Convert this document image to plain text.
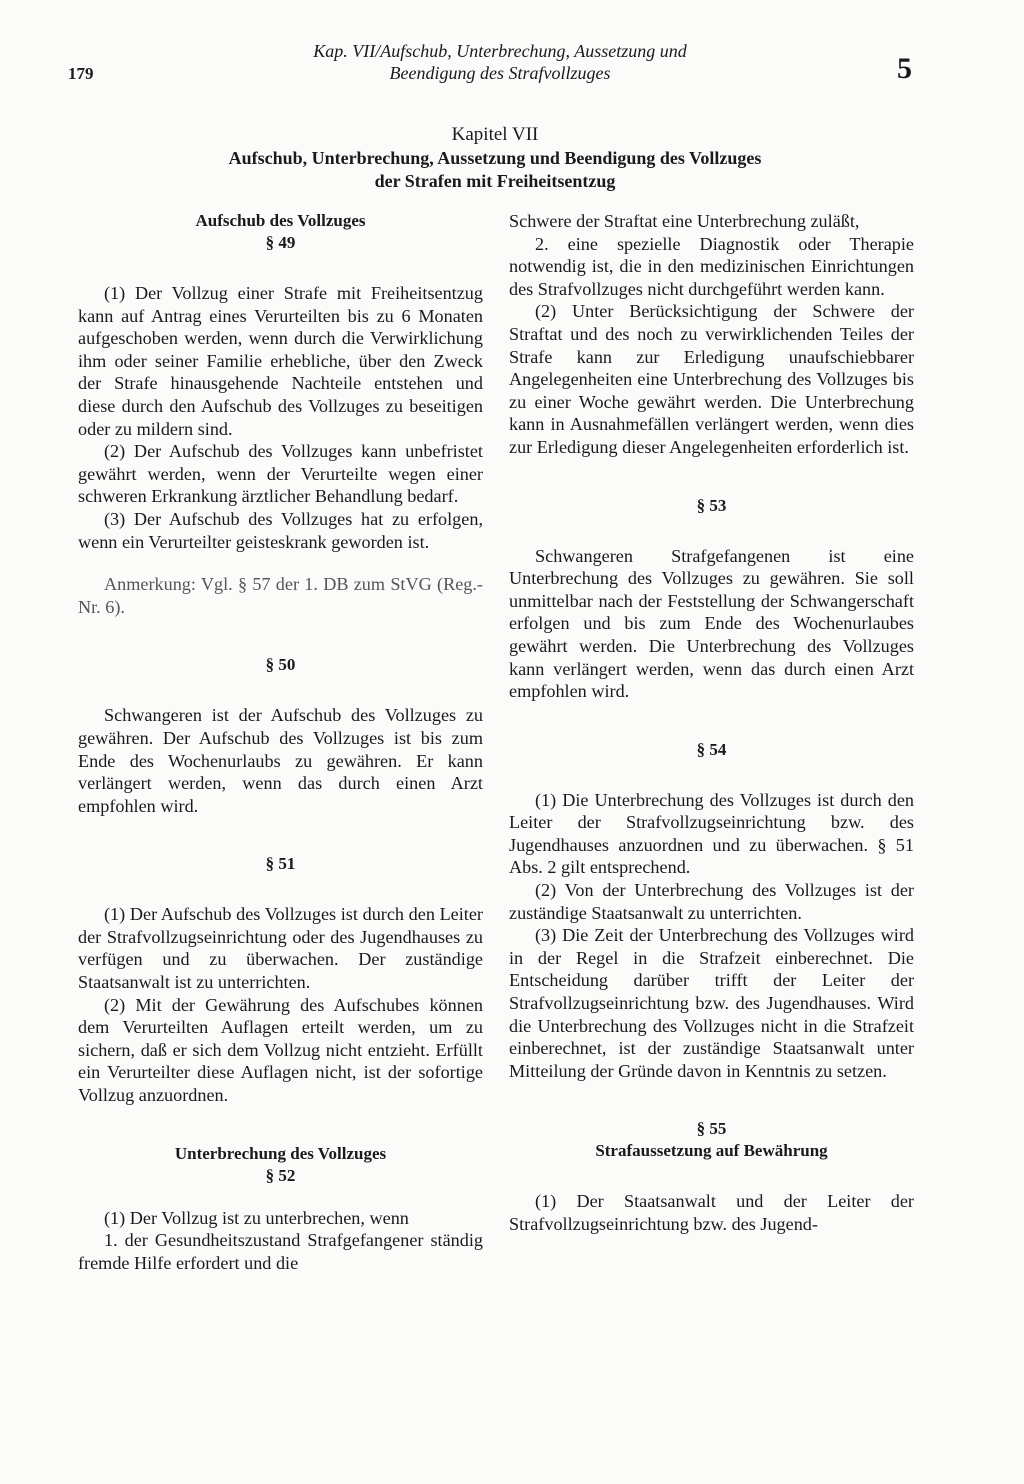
179
Kap. VII/Aufschub, Unterbrechung, Aussetzung und
Beendigung des Strafvollzuges	5
Kapitel VII
Aufschub, Unterbrechung, Aussetzung und Beendigung des Vollzuges
der Strafen mit Freiheitsentzug
Aufschub des Vollzuges
§ 49

(1) Der Vollzug einer Strafe mit Freiheitsentzug kann auf Antrag eines Verurteilten bis zu 6 Monaten aufgeschoben werden, wenn durch die Verwirklichung ihm oder seiner Familie erhebliche, über den Zweck der Strafe hinausgehende Nachteile entstehen und diese durch den Aufschub des Vollzuges zu beseitigen oder zu mildern sind.

(2) Der Aufschub des Vollzuges kann unbefristet gewährt werden, wenn der Verurteilte wegen einer schweren Erkrankung ärztlicher Behandlung bedarf.

(3) Der Aufschub des Vollzuges hat zu erfolgen, wenn ein Verurteilter geisteskrank geworden ist.

Anmerkung: Vgl. § 57 der 1. DB zum StVG (Reg.-Nr. 6).

§ 50

Schwangeren ist der Aufschub des Vollzuges zu gewähren. Der Aufschub des Vollzuges ist bis zum Ende des Wochenurlaubs zu gewähren. Er kann verlängert werden, wenn das durch einen Arzt empfohlen wird.

§ 51

(1) Der Aufschub des Vollzuges ist durch den Leiter der Strafvollzugseinrichtung oder des Jugendhauses zu verfügen und zu überwachen. Der zuständige Staatsanwalt ist zu unterrichten.

(2) Mit der Gewährung des Aufschubes können dem Verurteilten Auflagen erteilt werden, um zu sichern, daß er sich dem Vollzug nicht entzieht. Erfüllt ein Verurteilter diese Auflagen nicht, ist der sofortige Vollzug anzuordnen.

Unterbrechung des Vollzuges
§ 52

(1) Der Vollzug ist zu unterbrechen, wenn

1. der Gesundheitszustand Strafgefangener ständig fremde Hilfe erfordert und die

Schwere der Straftat eine Unterbrechung zuläßt,

2. eine spezielle Diagnostik oder Therapie notwendig ist, die in den medizinischen Einrichtungen des Strafvollzuges nicht durchgeführt werden kann.

(2) Unter Berücksichtigung der Schwere der Straftat und des noch zu verwirklichenden Teiles der Strafe kann zur Erledigung unaufschiebbarer Angelegenheiten eine Unterbrechung des Vollzuges bis zu einer Woche gewährt werden. Die Unterbrechung kann in Ausnahmefällen verlängert werden, wenn dies zur Erledigung dieser Angelegenheiten erforderlich ist.

§ 53

Schwangeren Strafgefangenen ist eine Unterbrechung des Vollzuges zu gewähren. Sie soll unmittelbar nach der Feststellung der Schwangerschaft erfolgen und bis zum Ende des Wochenurlaubes gewährt werden. Die Unterbrechung des Vollzuges kann verlängert werden, wenn das durch einen Arzt empfohlen wird.

§ 54

(1) Die Unterbrechung des Vollzuges ist durch den Leiter der Strafvollzugseinrichtung bzw. des Jugendhauses anzuordnen und zu überwachen. § 51 Abs. 2 gilt entsprechend.

(2) Von der Unterbrechung des Vollzuges ist der zuständige Staatsanwalt zu unterrichten.

(3) Die Zeit der Unterbrechung des Vollzuges wird in der Regel in die Strafzeit einberechnet. Die Entscheidung darüber trifft der Leiter der Strafvollzugseinrichtung bzw. des Jugendhauses. Wird die Unterbrechung des Vollzuges nicht in die Strafzeit einberechnet, ist der zuständige Staatsanwalt unter Mitteilung der Gründe davon in Kenntnis zu setzen.

§ 55
Strafaussetzung auf Bewährung

(1) Der Staatsanwalt und der Leiter der Strafvollzugseinrichtung bzw. des Jugend-
